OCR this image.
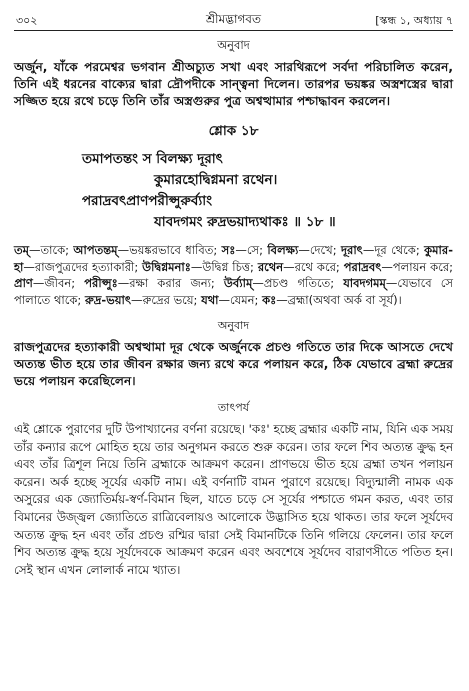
৩০২	শ্রীমদ্ভাগবত	[স্কন্ধ ১, অধ্যায় ৭
অনুবাদ

অর্জুন, যাঁকে পরমেশ্বর ভগবান শ্রীঅচ্যুত সখা এবং সারথিরূপে সর্বদা পরিচালিত করেন, তিনি এই ধরনের বাক্যের দ্বারা দ্রৌপদীকে সান্ত্বনা দিলেন। তারপর ভয়ঙ্কর অস্ত্রশস্ত্রের দ্বারা সজ্জিত হয়ে রথে চড়ে তিনি তাঁর অস্ত্রগুরুর পুত্র অশ্বত্থামার পশ্চাদ্ধাবন করলেন।

শ্লোক ১৮
তমাপতন্তং স বিলক্ষ্য দূরাৎ
কুমারহোদ্বিগ্নমনা রথেন।
পরাদ্রবৎপ্রাণপরীপ্সুরুর্ব্যাং
যাবদগমং রুদ্রভয়াদ্যথাকঃ ॥ ১৮ ॥
তম্—তাকে; আপতন্তম্—ভয়ঙ্করভাবে ধাবিত; সঃ—সে; বিলক্ষ্য—দেখে; দূরাৎ—দূর থেকে; কুমার-হা—রাজপুত্রদের হত্যাকারী; উদ্বিগ্নমনাঃ—উদ্বিগ্ন চিত্ত; রথেন—রথে করে; পরাদ্রবৎ—পলায়ন করে; প্রাণ—জীবন; পরীপ্সুঃ—রক্ষা করার জন্য; উর্ব্যাম্—প্রচণ্ড গতিতে; যাবদগমম্—যেভাবে সে পালাতে থাকে; রুদ্র-ভয়াৎ—রুদ্রের ভয়ে; যথা—যেমন; কঃ—ব্রহ্মা(অথবা অর্ক বা সূর্য)।
অনুবাদ

রাজপুত্রদের হত্যাকারী অশ্বত্থামা দূর থেকে অর্জুনকে প্রচণ্ড গতিতে তার দিকে আসতে দেখে অত্যন্ত ভীত হয়ে তার জীবন রক্ষার জন্য রথে করে পলায়ন করে, ঠিক যেভাবে ব্রহ্মা রুদ্রের ভয়ে পলায়ন করেছিলেন।

তাৎপর্য

এই শ্লোকে পুরাণের দুটি উপাখ্যানের বর্ণনা রয়েছে। 'কঃ' হচ্ছে ব্রহ্মার একটি নাম, যিনি এক সময় তাঁর কন্যার রূপে মোহিত হয়ে তার অনুগমন করতে শুরু করেন। তার ফলে শিব অত্যন্ত ক্রুদ্ধ হন এবং তাঁর ত্রিশূল নিয়ে তিনি ব্রহ্মাকে আক্রমণ করেন। প্রাণভয়ে ভীত হয়ে ব্রহ্মা তখন পলায়ন করেন। অর্ক হচ্ছে সূর্যের একটি নাম। এই বর্ণনাটি বামন পুরাণে রয়েছে। বিদ্যুন্মালী নামক এক অসুরের এক জ্যোতির্ময়-স্বর্ণ-বিমান ছিল, যাতে চড়ে সে সূর্যের পশ্চাতে গমন করত, এবং তার বিমানের উজ্জ্বল জ্যোতিতে রাত্রিবেলায়ও আলোকে উদ্ভাসিত হয়ে থাকত। তার ফলে সূর্যদেব অত্যন্ত ক্রুদ্ধ হন এবং তাঁর প্রচণ্ড রশ্মির দ্বারা সেই বিমানটিকে তিনি গলিয়ে ফেলেন। তার ফলে শিব অত্যন্ত ক্রুদ্ধ হয়ে সূর্যদেবকে আক্রমণ করেন এবং অবশেষে সূর্যদেব বারাণসীতে পতিত হন। সেই স্থান এখন লোলার্ক নামে খ্যাত।
